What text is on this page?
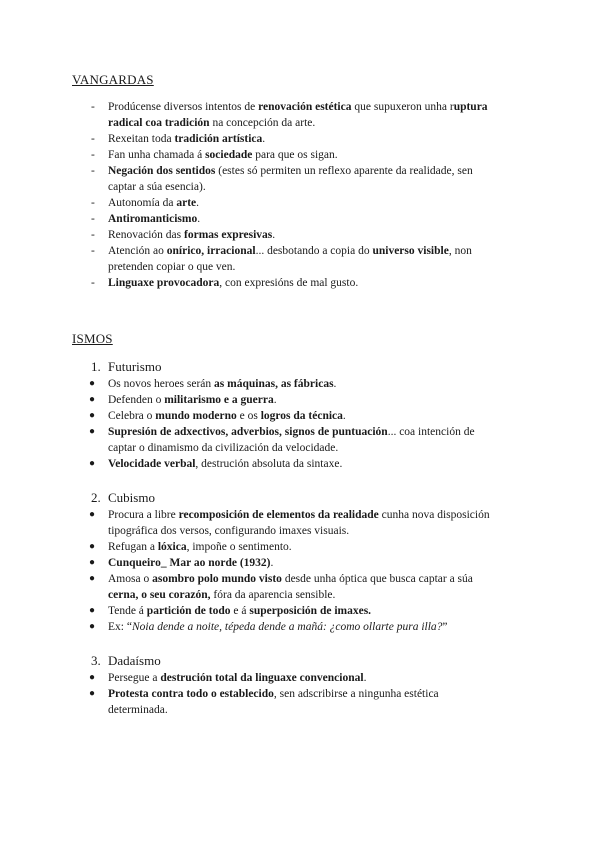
VANGARDAS
ISMOS
- Prodúcense diversos intentos de renovación estética que supuxeron unha ruptura
radical coa tradición na concepción da arte.
- Rexeitan toda tradición artística.
- Fan unha chamada á sociedade para que os sigan.
- Negación dos sentidos (estes só permiten un reflexo aparente da realidade, sen
captar a súa esencia).
- Autonomía da arte.
- Antiromanticismo.
- Renovación das formas expresivas.
- Atención ao onírico, irracional... desbotando a copia do universo visible, non
pretenden copiar o que ven.
- Linguaxe provocadora, con expresións de mal gusto.
1. Futurismo
● Os novos heroes serán as máquinas, as fábricas.
● Defenden o militarismo e a guerra.
● Celebra o mundo moderno e os logros da técnica.
● Supresión de adxectivos, adverbios, signos de puntuación... coa intención de
captar o dinamismo da civilización da velocidade.
● Velocidade verbal, destrución absoluta da sintaxe.
2. Cubismo
● Procura a libre recomposición de elementos da realidade cunha nova disposición
tipográfica dos versos, configurando imaxes visuais.
● Refugan a lóxica, impoñe o sentimento.
● Cunqueiro_ Mar ao norde (1932).
● Amosa o asombro polo mundo visto desde unha óptica que busca captar a súa
cerna, o seu corazón, fóra da aparencia sensible.
● Tende á partición de todo e á superposición de imaxes.
● Ex: “Noia dende a noite, tépeda dende a mañá: ¿como ollarte pura illa?”
3. Dadaísmo
● Persegue a destrución total da linguaxe convencional.
● Protesta contra todo o establecido, sen adscribirse a ningunha estética
determinada.
